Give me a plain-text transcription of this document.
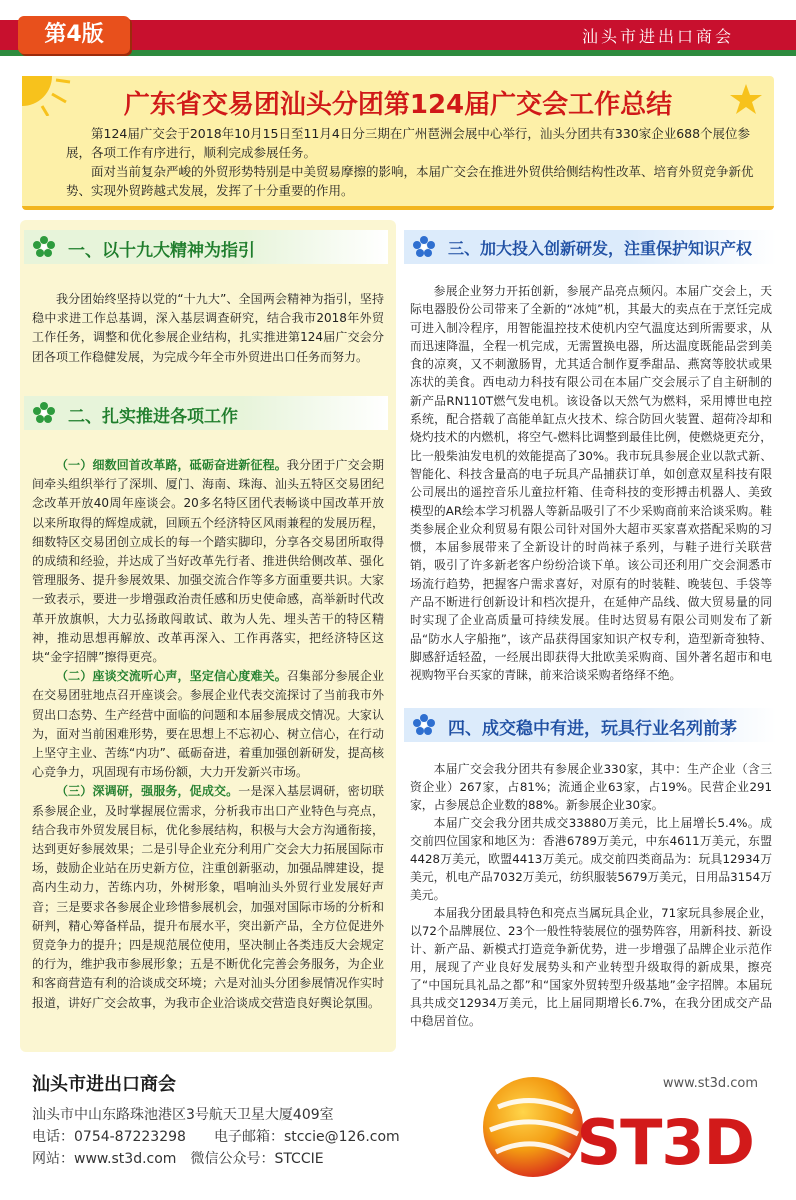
第4版	汕头市进出口商会
广东省交易团汕头分团第124届广交会工作总结

第124届广交会于2018年10月15日至11月4日分三期在广州琶洲会展中心举行，汕头分团共有330家企业688个展位参展，各项工作有序进行，顺利完成参展任务。

面对当前复杂严峻的外贸形势特别是中美贸易摩擦的影响，本届广交会在推进外贸供给侧结构性改革、培育外贸竞争新优势、实现外贸跨越式发展，发挥了十分重要的作用。

一、以十九大精神为指引
我分团始终坚持以党的“十九大”、全国两会精神为指引，坚持稳中求进工作总基调，深入基层调查研究，结合我市2018年外贸工作任务，调整和优化参展企业结构，扎实推进第124届广交会分团各项工作稳健发展，为完成今年全市外贸进出口任务而努力。
二、扎实推进各项工作
（一）细数回首改革路，砥砺奋进新征程。我分团于广交会期间牵头组织举行了深圳、厦门、海南、珠海、汕头五特区交易团纪念改革开放40周年座谈会。20多名特区团代表畅谈中国改革开放以来所取得的辉煌成就，回顾五个经济特区风雨兼程的发展历程，细数特区交易团创立成长的每一个踏实脚印，分享各交易团所取得的成绩和经验，并达成了当好改革先行者、推进供给侧改革、强化管理服务、提升参展效果、加强交流合作等多方面重要共识。大家一致表示，要进一步增强政治责任感和历史使命感，高举新时代改革开放旗帜，大力弘扬敢闯敢试、敢为人先、埋头苦干的特区精神，推动思想再解放、改革再深入、工作再落实，把经济特区这块“金字招牌”擦得更亮。
（二）座谈交流听心声，坚定信心度难关。召集部分参展企业在交易团驻地点召开座谈会。参展企业代表交流探讨了当前我市外贸出口态势、生产经营中面临的问题和本届参展成交情况。大家认为，面对当前困难形势，要在思想上不忘初心、树立信心，在行动上坚守主业、苦练“内功”、砥砺奋进，着重加强创新研发，提高核心竞争力，巩固现有市场份额，大力开发新兴市场。
（三）深调研，强服务，促成交。一是深入基层调研，密切联系参展企业，及时掌握展位需求，分析我市出口产业特色与亮点，结合我市外贸发展目标，优化参展结构，积极与大会方沟通衔接，达到更好参展效果；二是引导企业充分利用广交会大力拓展国际市场，鼓励企业站在历史新方位，注重创新驱动，加强品牌建设，提高内生动力，苦练内功，外树形象，唱响汕头外贸行业发展好声音；三是要求各参展企业珍惜参展机会，加强对国际市场的分析和研判，精心筹备样品，提升布展水平，突出新产品，全方位促进外贸竞争力的提升；四是规范展位使用，坚决制止各类违反大会规定的行为，维护我市参展形象；五是不断优化完善会务服务，为企业和客商营造有利的洽谈成交环境；六是对汕头分团参展情况作实时报道，讲好广交会故事，为我市企业洽谈成交营造良好舆论氛围。
三、加大投入创新研发，注重保护知识产权
参展企业努力开拓创新，参展产品亮点频闪。本届广交会上，天际电器股份公司带来了全新的“冰炖”机，其最大的卖点在于烹饪完成可进入制冷程序，用智能温控技术使机内空气温度达到所需要求，从而迅速降温，全程一机完成，无需置换电器，所达温度既能品尝到美食的凉爽，又不刺激肠胃，尤其适合制作夏季甜品、燕窝等胶状或果冻状的美食。西电动力科技有限公司在本届广交会展示了自主研制的新产品RN110T燃气发电机。该设备以天然气为燃料，采用博世电控系统，配合搭载了高能单缸点火技术、综合防回火装置、超荷冷却和烧灼技术的内燃机，将空气-燃料比调整到最佳比例，使燃烧更充分，比一般柴油发电机的效能提高了30%。我市玩具参展企业以款式新、智能化、科技含量高的电子玩具产品捕获订单，如创意双星科技有限公司展出的遥控音乐儿童拉杆箱、佳奇科技的变形搏击机器人、美致模型的AR绘本学习机器人等新品吸引了不少采购商前来洽谈采购。鞋类参展企业众利贸易有限公司针对国外大超市买家喜欢搭配采购的习惯，本届参展带来了全新设计的时尚袜子系列，与鞋子进行关联营销，吸引了许多新老客户纷纷洽谈下单。该公司还利用广交会洞悉市场流行趋势，把握客户需求喜好，对原有的时装鞋、晚装包、手袋等产品不断进行创新设计和档次提升，在延伸产品线、做大贸易量的同时实现了企业高质量可持续发展。佳时达贸易有限公司则发布了新品“防水人字船拖”，该产品获得国家知识产权专利，造型新奇独特、脚感舒适轻盈，一经展出即获得大批欧美采购商、国外著名超市和电视购物平台买家的青睐，前来洽谈采购者络绎不绝。
四、成交稳中有进，玩具行业名列前茅
本届广交会我分团共有参展企业330家，其中：生产企业（含三资企业）267家，占81%；流通企业63家，占19%。民营企业291家，占参展总企业数的88%。新参展企业30家。
本届广交会我分团共成交33880万美元，比上届增长5.4%。成交前四位国家和地区为：香港6789万美元，中东4611万美元，东盟4428万美元，欧盟4413万美元。成交前四类商品为：玩具12934万美元，机电产品7032万美元，纺织服装5679万美元，日用品3154万美元。
本届我分团最具特色和亮点当属玩具企业，71家玩具参展企业，以72个品牌展位、23个一般性特装展位的强势阵容，用新科技、新设计、新产品、新模式打造竞争新优势，进一步增强了品牌企业示范作用，展现了产业良好发展势头和产业转型升级取得的新成果，擦亮了“中国玩具礼品之都”和“国家外贸转型升级基地”金字招牌。本届玩具共成交12934万美元，比上届同期增长6.7%，在我分团成交产品中稳居首位。
汕头市进出口商会
汕头市中山东路珠池港区3号航天卫星大厦409室
电话：0754-87223298　　电子邮箱：stccie@126.com
网站：www.st3d.com　微信公众号：STCCIE
www.st3d.com
ST3D
